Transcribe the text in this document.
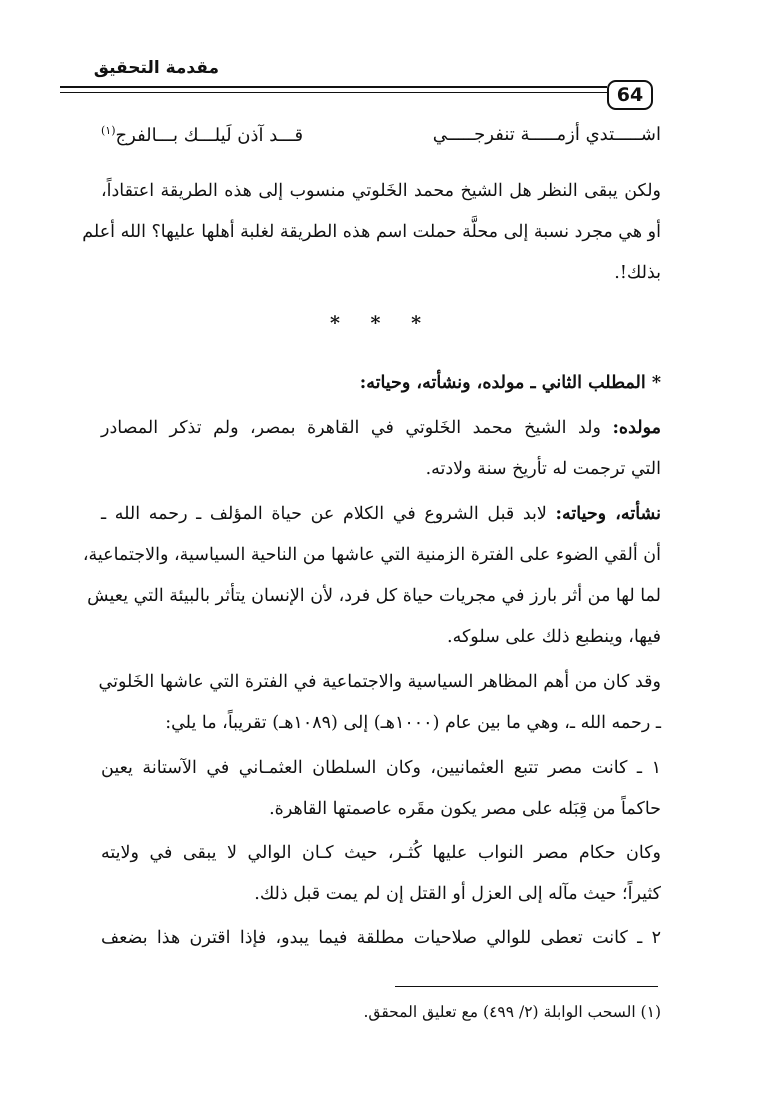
مقدمة التحقيق
64
اشـــــتدي أزمـــــة تنفرجـــــي
قـــد آذن لَيلـــك بـــالفرج$^{(١)}$
ولكن يبقى النظر هل الشيخ محمد الخَلوتي منسوب إلى هذه الطريقة اعتقاداً،
أو هي مجرد نسبة إلى محلَّة حملت اسم هذه الطريقة لغلبة أهلها عليها؟ الله أعلم
بذلك!.
* * *
* المطلب الثاني ـ مولده، ونشأته، وحياته:
مولده: ولد الشيخ محمد الخَلوتي في القاهرة بمصر، ولم تذكر المصادر
التي ترجمت له تأريخ سنة ولادته.
نشأته، وحياته: لابد قبل الشروع في الكلام عن حياة المؤلف ـ رحمه الله ـ
أن ألقي الضوء على الفترة الزمنية التي عاشها من الناحية السياسية، والاجتماعية،
لما لها من أثر بارز في مجريات حياة كل فرد، لأن الإنسان يتأثر بالبيئة التي يعيش
فيها، وينطبع ذلك على سلوكه.
وقد كان من أهم المظاهر السياسية والاجتماعية في الفترة التي عاشها الخَلوتي
ـ رحمه الله ـ، وهي ما بين عام (١٠٠٠هـ) إلى (١٠٨٩هـ) تقريباً، ما يلي:
١ ـ كانت مصر تتبع العثمانيين، وكان السلطان العثمـاني في الآستانة يعين
حاكماً من قِبَله على مصر يكون مقَره عاصمتها القاهرة.
وكان حكام مصر النواب عليها كُثـر، حيث كـان الوالي لا يبقى في ولايته
كثيراً؛ حيث مآله إلى العزل أو القتل إن لم يمت قبل ذلك.
٢ ـ كانت تعطى للوالي صلاحيات مطلقة فيما يبدو، فإذا اقترن هذا بضعف
(١) السحب الوابلة (٢/ ٤٩٩) مع تعليق المحقق.
